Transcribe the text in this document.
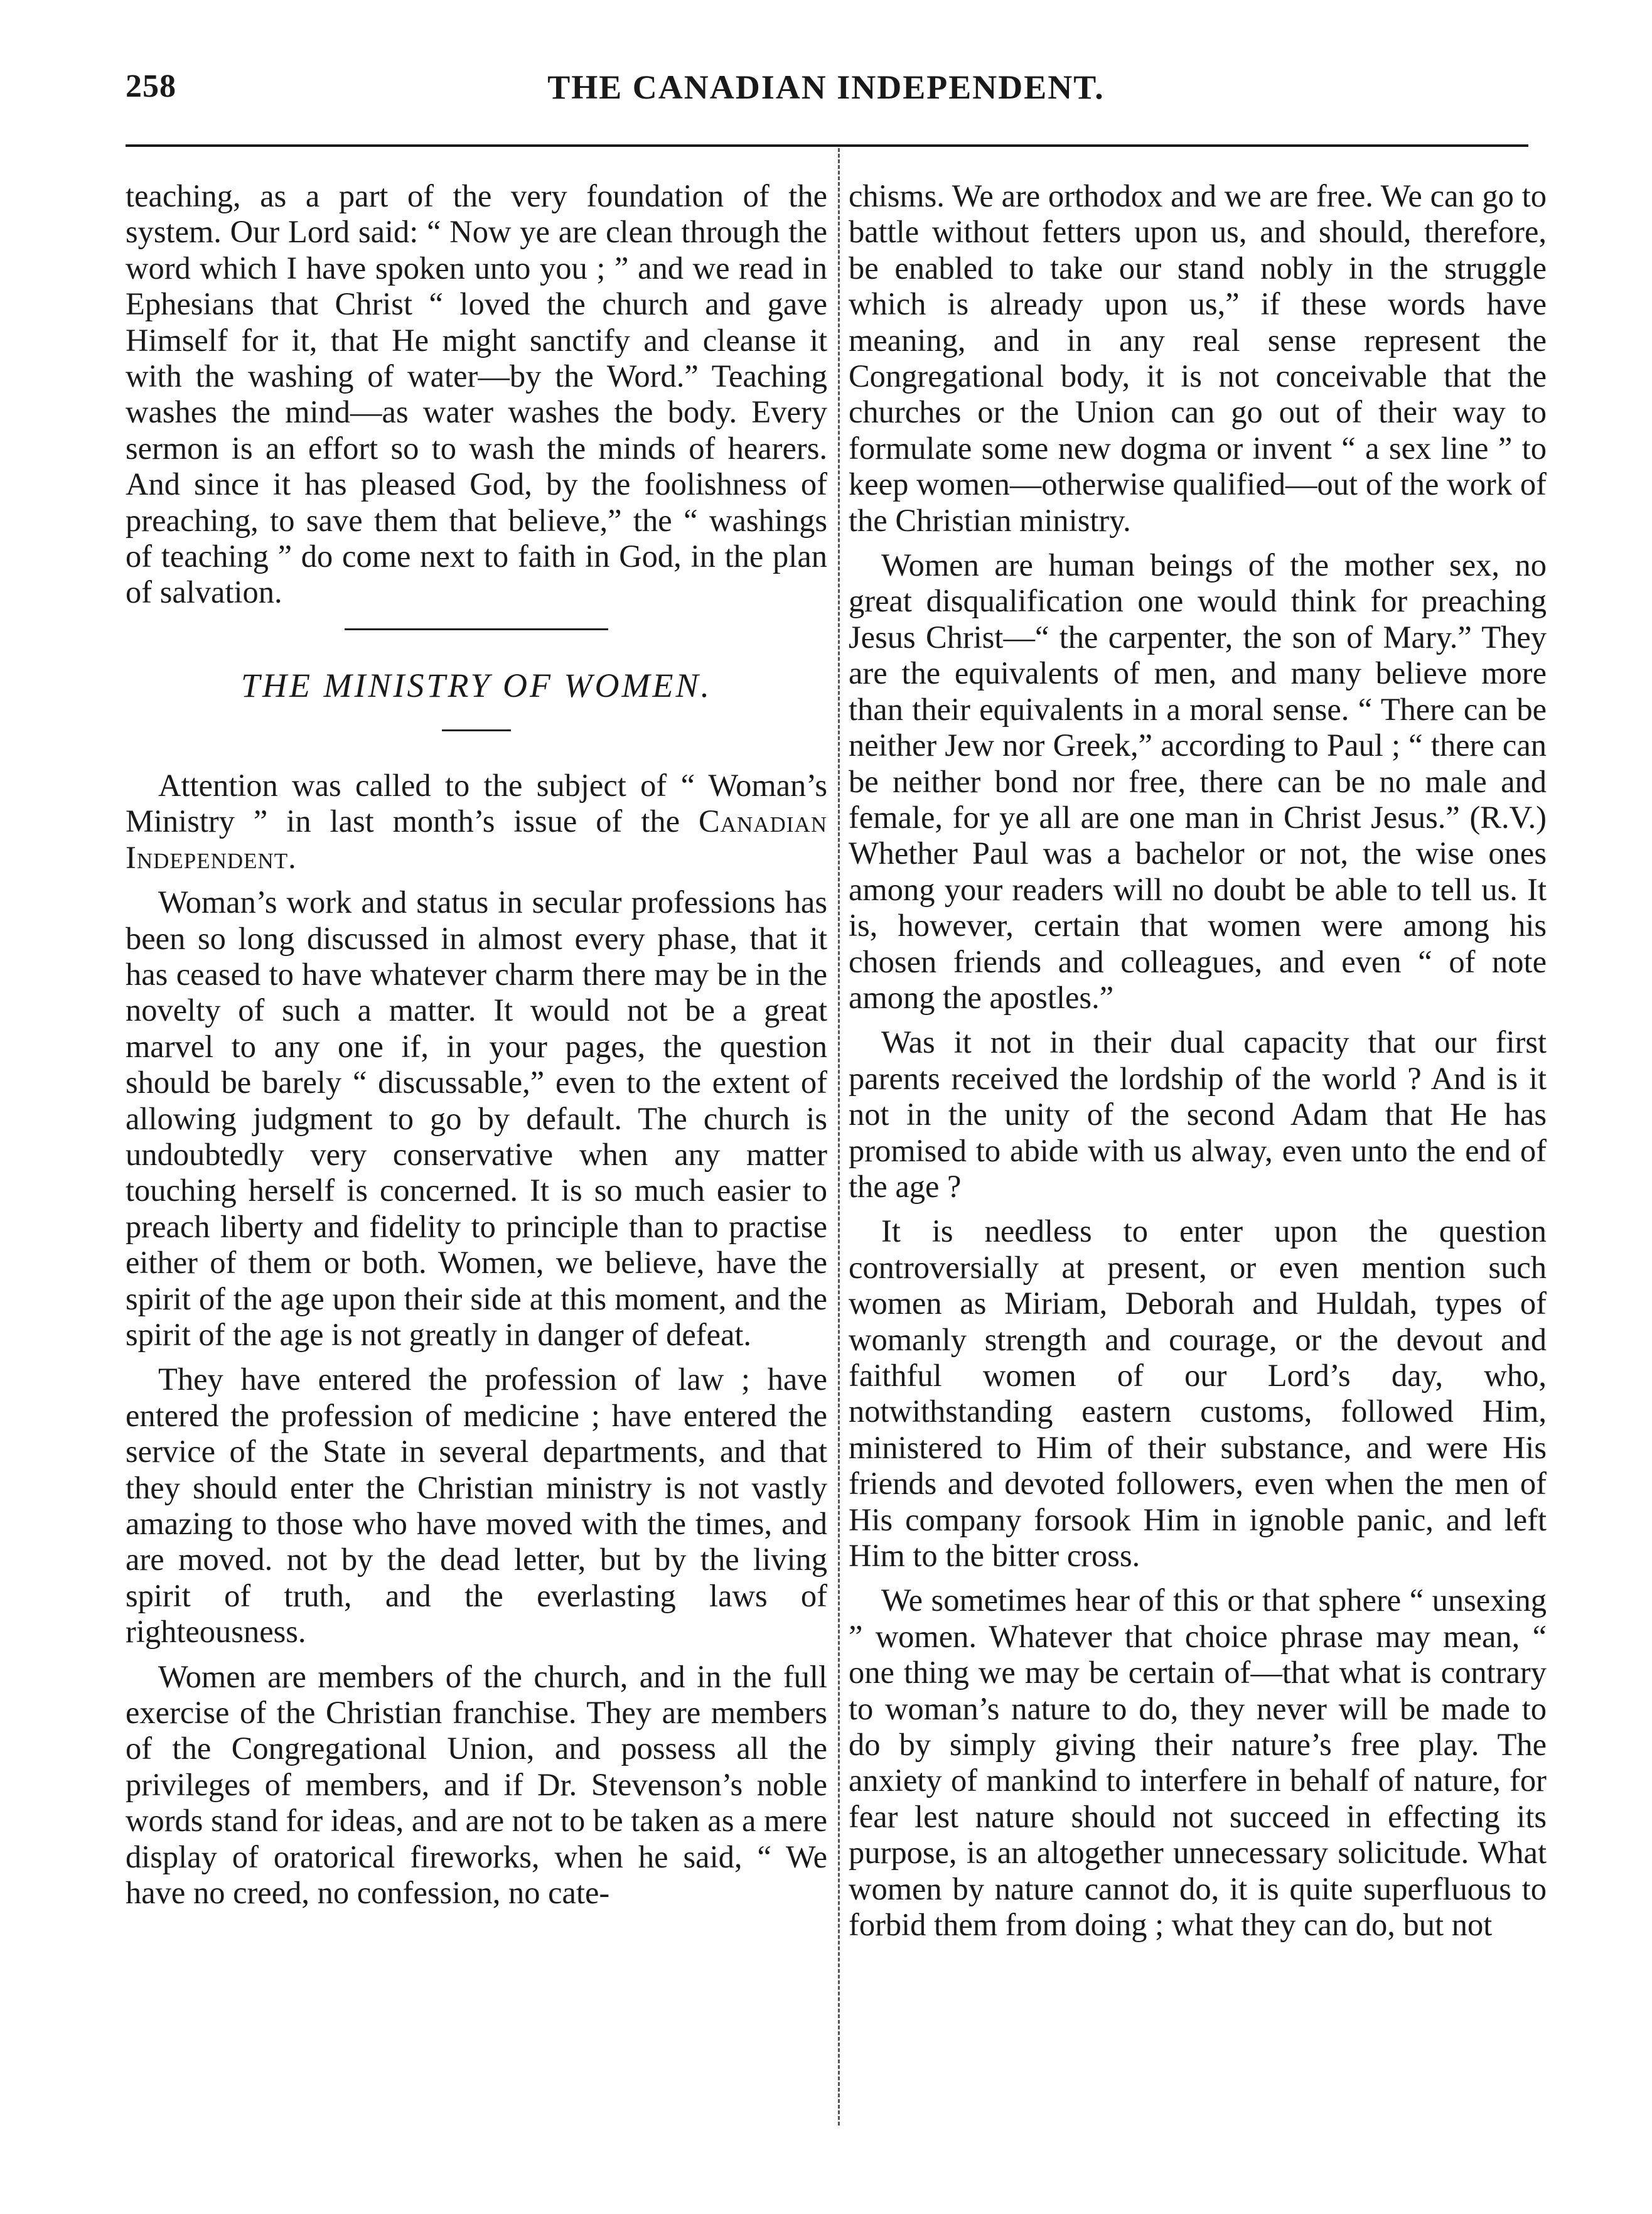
258	THE CANADIAN INDEPENDENT.

teaching, as a part of the very foundation of the system. Our Lord said: “ Now ye are clean through the word which I have spoken unto you ; ” and we read in Ephesians that Christ “ loved the church and gave Himself for it, that He might sanctify and cleanse it with the washing of water—by the Word.” Teaching washes the mind—as water washes the body. Every sermon is an effort so to wash the minds of hearers. And since it has pleased God, by the foolishness of preaching, to save them that believe,” the “ washings of teaching ” do come next to faith in God, in the plan of salvation.

THE MINISTRY OF WOMEN.

Attention was called to the subject of “ Woman’s Ministry ” in last month’s issue of the Canadian Independent.

Woman’s work and status in secular professions has been so long discussed in almost every phase, that it has ceased to have whatever charm there may be in the novelty of such a matter. It would not be a great marvel to any one if, in your pages, the question should be barely “ discussable,” even to the extent of allowing judgment to go by default. The church is undoubtedly very conservative when any matter touching herself is concerned. It is so much easier to preach liberty and fidelity to principle than to practise either of them or both. Women, we believe, have the spirit of the age upon their side at this moment, and the spirit of the age is not greatly in danger of defeat.

They have entered the profession of law ; have entered the profession of medicine ; have entered the service of the State in several departments, and that they should enter the Christian ministry is not vastly amazing to those who have moved with the times, and are moved. not by the dead letter, but by the living spirit of truth, and the everlasting laws of righteousness.

Women are members of the church, and in the full exercise of the Christian franchise. They are members of the Congregational Union, and possess all the privileges of members, and if Dr. Stevenson’s noble words stand for ideas, and are not to be taken as a mere display of oratorical fireworks, when he said, “ We have no creed, no confession, no cate-

chisms. We are orthodox and we are free. We can go to battle without fetters upon us, and should, therefore, be enabled to take our stand nobly in the struggle which is already upon us,” if these words have meaning, and in any real sense represent the Congregational body, it is not conceivable that the churches or the Union can go out of their way to formulate some new dogma or invent “ a sex line ” to keep women—otherwise qualified—out of the work of the Christian ministry.

Women are human beings of the mother sex, no great disqualification one would think for preaching Jesus Christ—“ the carpenter, the son of Mary.” They are the equivalents of men, and many believe more than their equivalents in a moral sense. “ There can be neither Jew nor Greek,” according to Paul ; “ there can be neither bond nor free, there can be no male and female, for ye all are one man in Christ Jesus.” (R.V.) Whether Paul was a bachelor or not, the wise ones among your readers will no doubt be able to tell us. It is, however, certain that women were among his chosen friends and colleagues, and even “ of note among the apostles.”

Was it not in their dual capacity that our first parents received the lordship of the world ? And is it not in the unity of the second Adam that He has promised to abide with us alway, even unto the end of the age ?

It is needless to enter upon the question controversially at present, or even mention such women as Miriam, Deborah and Huldah, types of womanly strength and courage, or the devout and faithful women of our Lord’s day, who, notwithstanding eastern customs, followed Him, ministered to Him of their substance, and were His friends and devoted followers, even when the men of His company forsook Him in ignoble panic, and left Him to the bitter cross.

We sometimes hear of this or that sphere “ unsexing ” women. Whatever that choice phrase may mean, “ one thing we may be certain of—that what is contrary to woman’s nature to do, they never will be made to do by simply giving their nature’s free play. The anxiety of mankind to interfere in behalf of nature, for fear lest nature should not succeed in effecting its purpose, is an altogether unnecessary solicitude. What women by nature cannot do, it is quite superfluous to forbid them from doing ; what they can do, but not
